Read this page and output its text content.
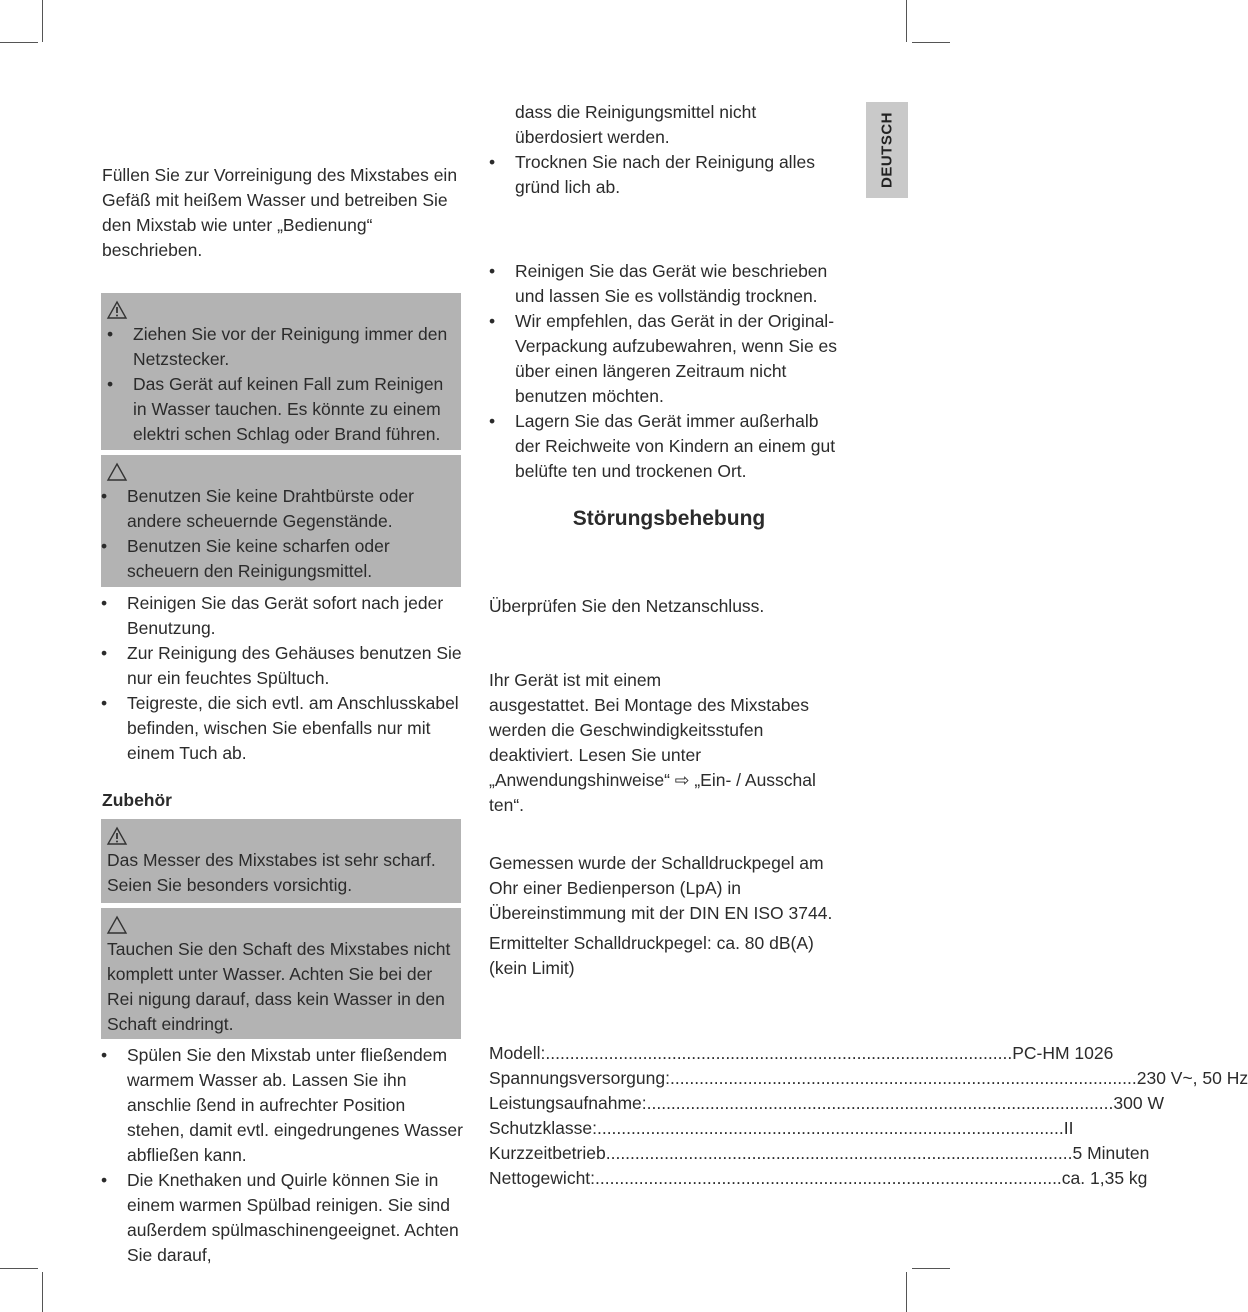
DEUTSCH

Füllen Sie zur Vorreinigung des Mixstabes ein Gefäß mit heißem Wasser und betreiben Sie den Mixstab wie unter „Bedienung“ beschrieben.

• Ziehen Sie vor der Reinigung immer den Netzstecker.
• Das Gerät auf keinen Fall zum Reinigen in Wasser tauchen. Es könnte zu einem elektri schen Schlag oder Brand führen.
• Benutzen Sie keine Drahtbürste oder andere scheuernde Gegenstände.
• Benutzen Sie keine scharfen oder scheuern den Reinigungsmittel.
• Reinigen Sie das Gerät sofort nach jeder Benutzung.
• Zur Reinigung des Gehäuses benutzen Sie nur ein feuchtes Spültuch.
• Teigreste, die sich evtl. am Anschlusskabel befinden, wischen Sie ebenfalls nur mit einem Tuch ab.
Zubehör

Das Messer des Mixstabes ist sehr scharf. Seien Sie besonders vorsichtig.

Tauchen Sie den Schaft des Mixstabes nicht komplett unter Wasser. Achten Sie bei der Rei nigung darauf, dass kein Wasser in den Schaft eindringt.

• Spülen Sie den Mixstab unter fließendem warmem Wasser ab. Lassen Sie ihn anschlie ßend in aufrechter Position stehen, damit evtl. eingedrungenes Wasser abfließen kann.
• Die Knethaken und Quirle können Sie in einem warmen Spülbad reinigen. Sie sind außerdem spülmaschinengeeignet. Achten Sie darauf,

dass die Reinigungsmittel nicht überdosiert werden.

• Trocknen Sie nach der Reinigung alles gründ lich ab.
• Reinigen Sie das Gerät wie beschrieben und lassen Sie es vollständig trocknen.
• Wir empfehlen, das Gerät in der Original-Verpackung aufzubewahren, wenn Sie es über einen längeren Zeitraum nicht benutzen möchten.
• Lagern Sie das Gerät immer außerhalb der Reichweite von Kindern an einem gut belüfte ten und trockenen Ort.
Störungsbehebung

Überprüfen Sie den Netzanschluss.

Ihr Gerät ist mit einem

ausgestattet. Bei Montage des Mixstabes werden die Geschwindigkeitsstufen deaktiviert. Lesen Sie unter „Anwendungshinweise“ ⇨ „Ein- / Ausschal ten“.

Gemessen wurde der Schalldruckpegel am Ohr einer Bedienperson (LpA) in Übereinstimmung mit der DIN EN ISO 3744.

Ermittelter Schalldruckpegel: ca. 80 dB(A) (kein Limit)

Modell: ................................................................................................ PC-HM 1026
Spannungsversorgung: ................................................................................................ 230 V~, 50 Hz
Leistungsaufnahme: ................................................................................................ 300 W
Schutzklasse: ................................................................................................ II
Kurzzeitbetrieb ................................................................................................ 5 Minuten
Nettogewicht: ................................................................................................ ca. 1,35 kg
